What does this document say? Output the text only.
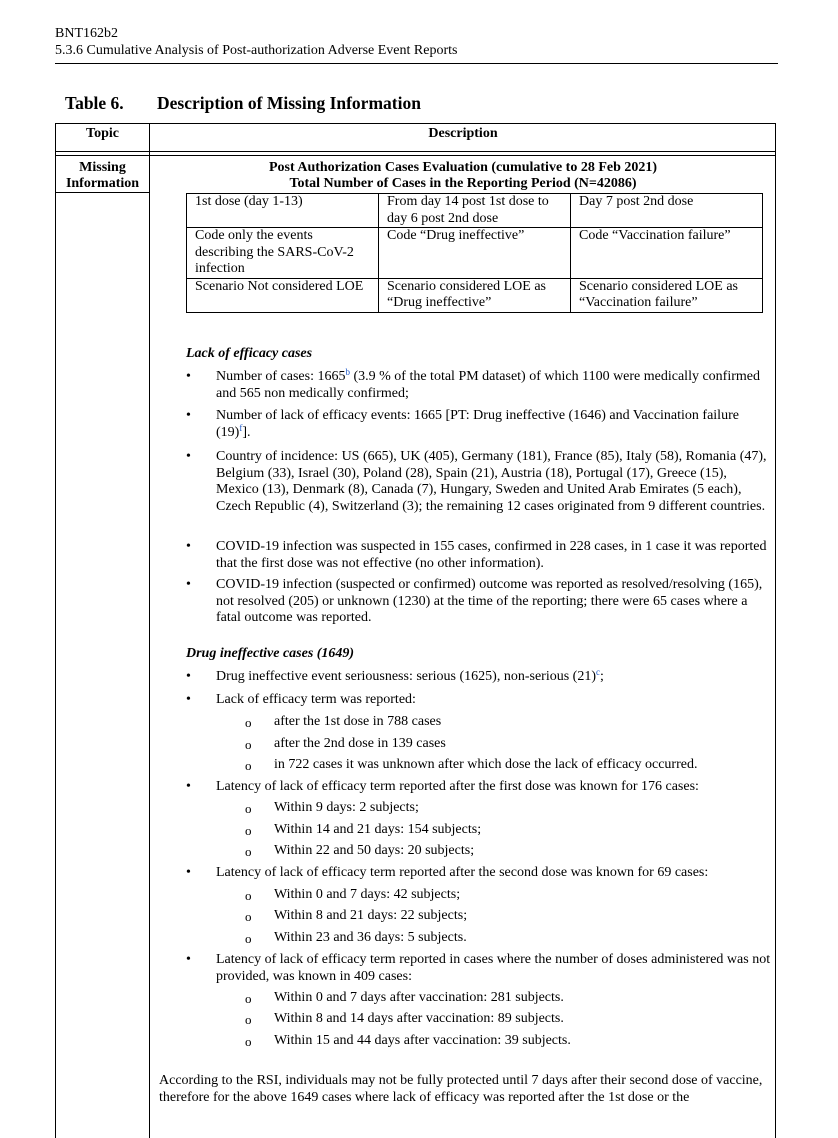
BNT162b2
5.3.6 Cumulative Analysis of Post-authorization Adverse Event Reports
Table 6. Description of Missing Information
Topic	Description
Missing
Information
Post Authorization Cases Evaluation (cumulative to 28 Feb 2021)
Total Number of Cases in the Reporting Period (N=42086)
1st dose (day 1-13)	From day 14 post 1st dose to day 6 post 2nd dose	Day 7 post 2nd dose
Code only the events describing the SARS-CoV-2 infection	Code “Drug ineffective”	Code “Vaccination failure”
Scenario Not considered LOE	Scenario considered LOE as “Drug ineffective”	Scenario considered LOE as “Vaccination failure”
Lack of efficacy cases
• Number of cases: 1665$^b$ (3.9 % of the total PM dataset) of which 1100 were medically confirmed and 565 non medically confirmed;
• Number of lack of efficacy events: 1665 [PT: Drug ineffective (1646) and Vaccination failure $(19)^f$].
• Country of incidence: US (665), UK (405), Germany (181), France (85), Italy (58), Romania (47), Belgium (33), Israel (30), Poland (28), Spain (21), Austria (18), Portugal (17), Greece (15), Mexico (13), Denmark (8), Canada (7), Hungary, Sweden and United Arab Emirates (5 each), Czech Republic (4), Switzerland (3); the remaining 12 cases originated from 9 different countries.
• COVID-19 infection was suspected in 155 cases, confirmed in 228 cases, in 1 case it was reported that the first dose was not effective (no other information).
• COVID-19 infection (suspected or confirmed) outcome was reported as resolved/resolving (165), not resolved (205) or unknown (1230) at the time of the reporting; there were 65 cases where a fatal outcome was reported.
Drug ineffective cases (1649)
• Drug ineffective event seriousness: serious (1625), non-serious $(21)^c$;
• Lack of efficacy term was reported:
o after the 1st dose in 788 cases
o after the 2nd dose in 139 cases
o in 722 cases it was unknown after which dose the lack of efficacy occurred.
• Latency of lack of efficacy term reported after the first dose was known for 176 cases:
o Within 9 days: 2 subjects;
o Within 14 and 21 days: 154 subjects;
o Within 22 and 50 days: 20 subjects;
• Latency of lack of efficacy term reported after the second dose was known for 69 cases:
o Within 0 and 7 days: 42 subjects;
o Within 8 and 21 days: 22 subjects;
o Within 23 and 36 days: 5 subjects.
• Latency of lack of efficacy term reported in cases where the number of doses administered was not provided, was known in 409 cases:
o Within 0 and 7 days after vaccination: 281 subjects.
o Within 8 and 14 days after vaccination: 89 subjects.
o Within 15 and 44 days after vaccination: 39 subjects.
According to the RSI, individuals may not be fully protected until 7 days after their second dose of vaccine, therefore for the above 1649 cases where lack of efficacy was reported after the 1st dose or the
